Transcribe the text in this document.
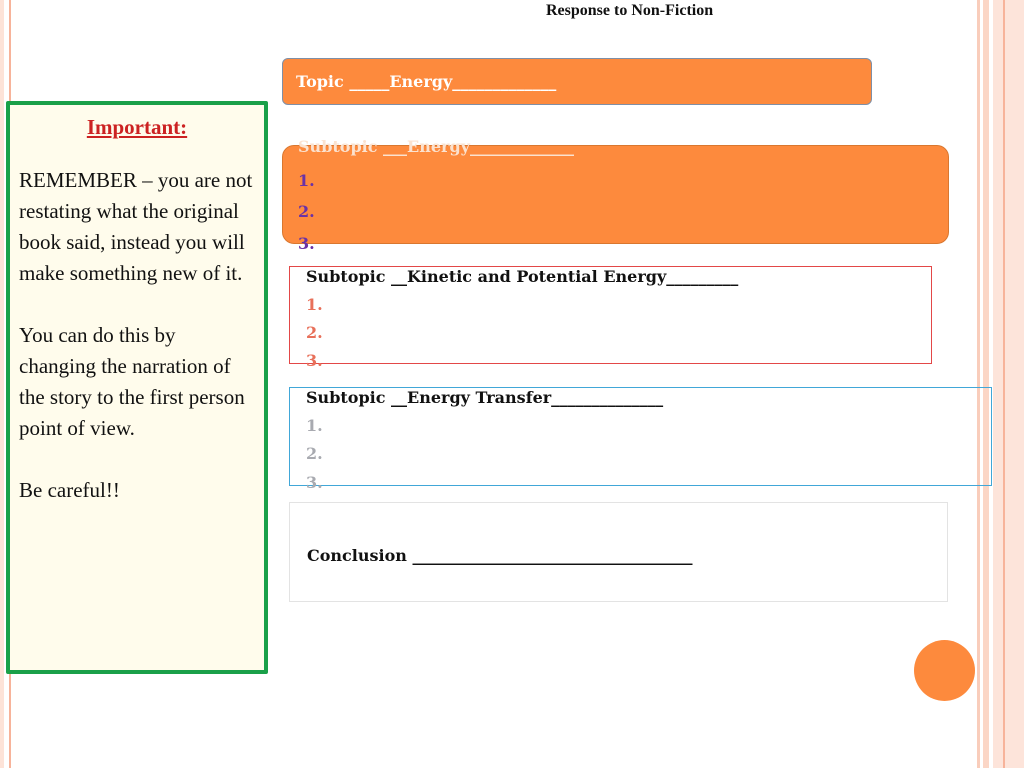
Response to Non-Fiction
Topic _____Energy_____________
Subtopic ___Energy_____________
1.
2.
3.
Subtopic __Kinetic and Potential Energy_________
1.
2.
3.
Subtopic __Energy Transfer______________
1.
2.
3.
Conclusion ___________________________________
Important:
REMEMBER – you are not restating what the original book said, instead you will make something new of it.
You can do this by changing the narration of the story to the first person point of view.
Be careful!!
